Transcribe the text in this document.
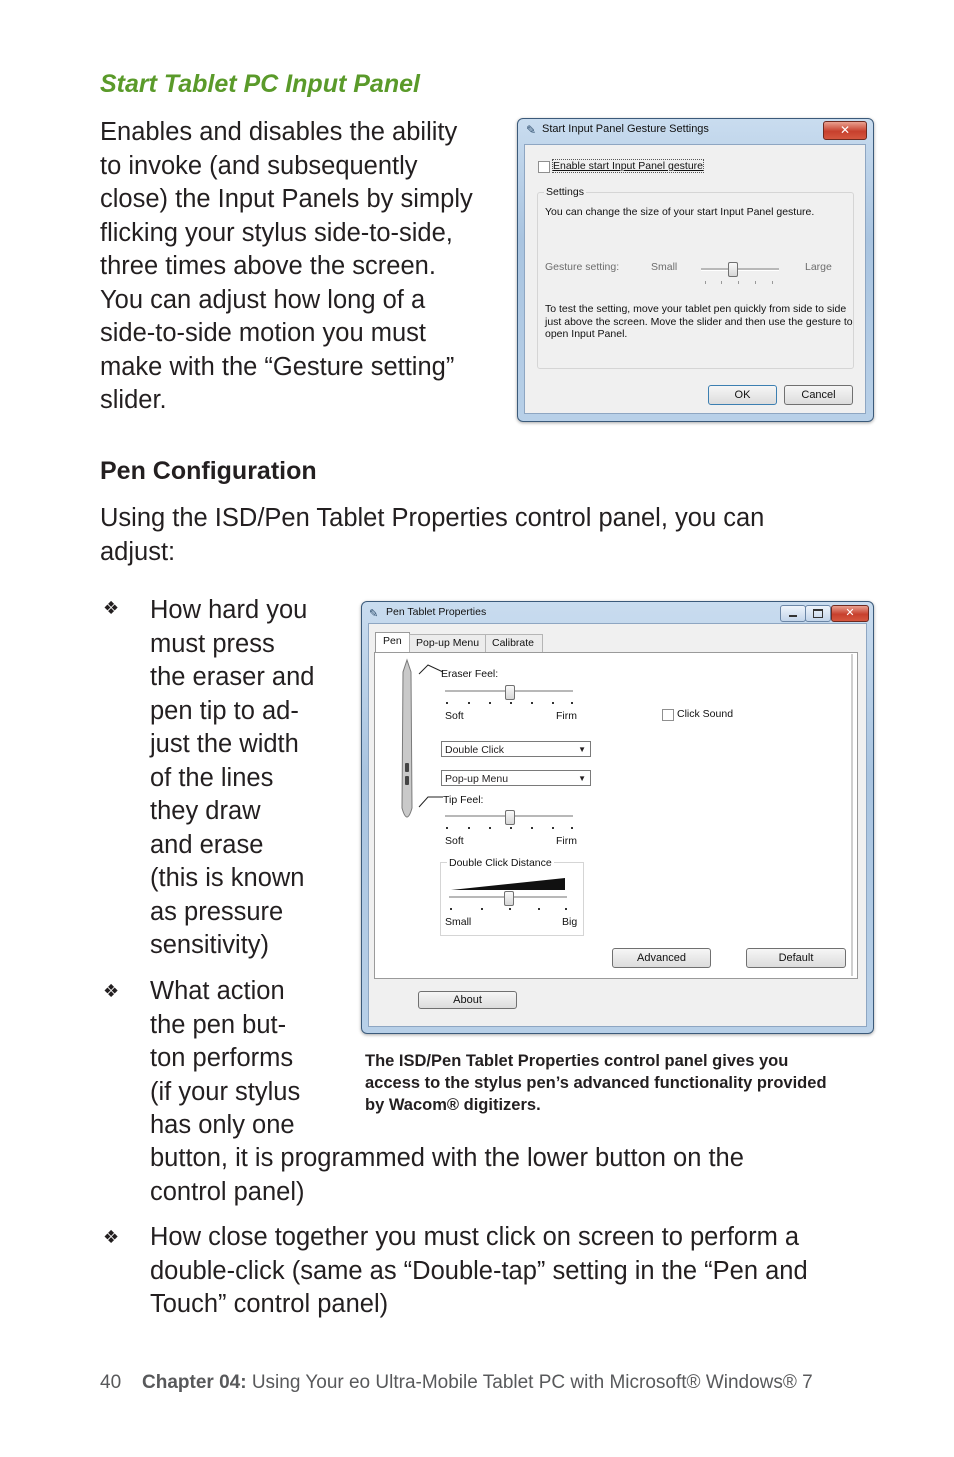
Start Tablet PC Input Panel
Enables and disables the ability
to invoke (and subsequently
close) the Input Panels by simply
flicking your stylus side-to-side,
three times above the screen.
You can adjust how long of a
side-to-side motion you must
make with the “Gesture setting”
slider.
✎ Start Input Panel Gesture Settings	✕
Enable start Input Panel gesture
Settings
You can change the size of your start Input Panel gesture.
Gesture setting:	Small	Large
To test the setting, move your tablet pen quickly from side to side
just above the screen. Move the slider and then use the gesture to
open Input Panel.
OK	Cancel
Pen Configuration
Using the ISD/Pen Tablet Properties control panel, you can
adjust:
❖ How hard you
must press
the eraser and
pen tip to ad-
just the width
of the lines
they draw
and erase
(this is known
as pressure
sensitivity)
❖ What action
the pen but-
ton performs
(if your stylus
has only one
button, it is programmed with the lower button on the
control panel)
❖ How close together you must click on screen to perform a
double-click (same as “Double-tap” setting in the “Pen and
Touch” control panel)
✎ Pen Tablet Properties	✕
Pen Pop-up Menu Calibrate
Eraser Feel:
Soft	Firm	Click Sound
Double Click	▼
Pop-up Menu	▼
Tip Feel:
Soft	Firm
Double Click Distance
Small	Big
Advanced	Default
About
The ISD/Pen Tablet Properties control panel gives you
access to the stylus pen’s advanced functionality provided
by Wacom® digitizers.
40 Chapter 04: Using Your eo Ultra-Mobile Tablet PC with Microsoft® Windows® 7
